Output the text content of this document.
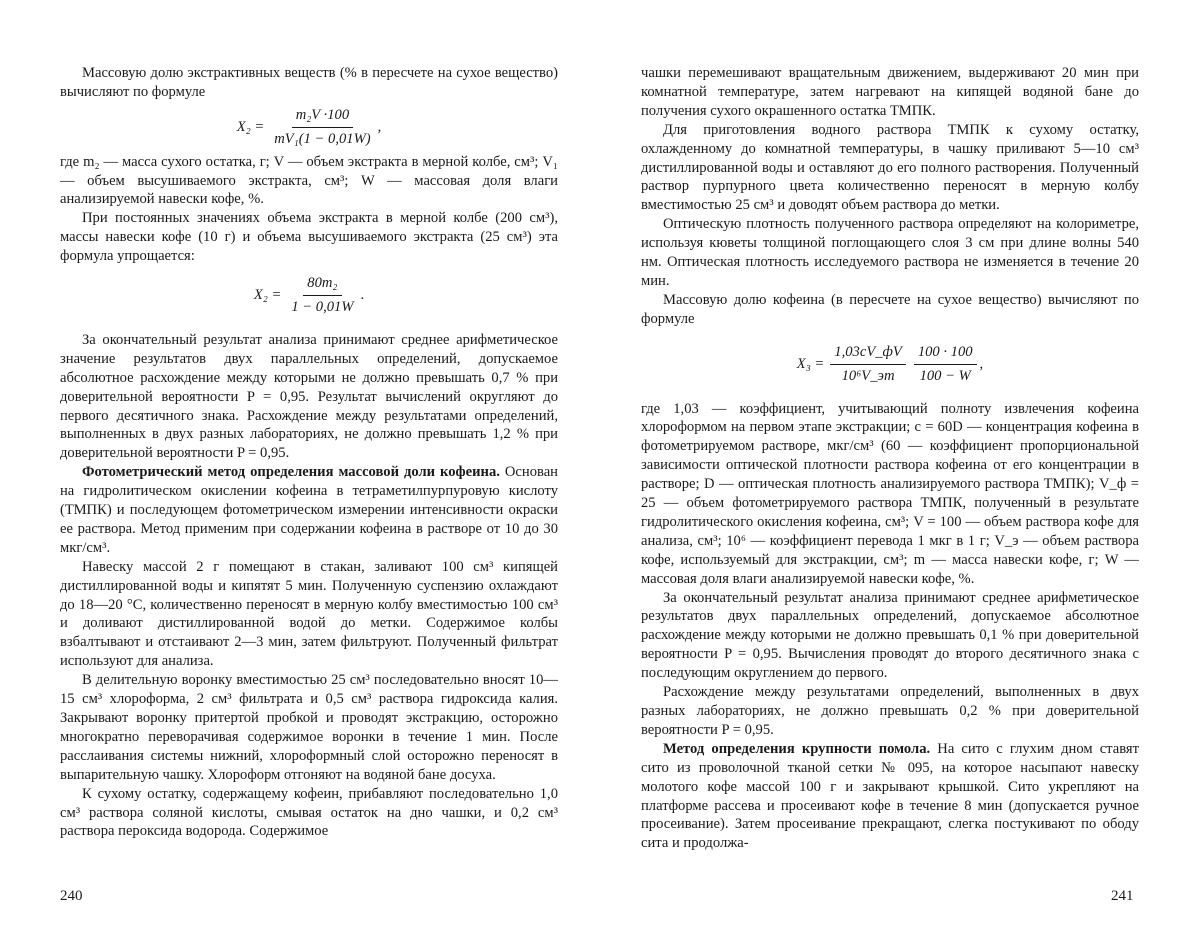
Массовую долю экстрактивных веществ (% в пересчете на сухое вещество) вычисляют по формуле

$X_2 = \frac{\text{m₂V ·100}}{\text{mV₁(1 − 0,01W)}}$ ,

где m₂ — масса сухого остатка, г; V — объем экстракта в мерной колбе, см³; V₁ — объем высушиваемого экстракта, см³; W — массовая доля влаги анализируемой навески кофе, %.

При постоянных значениях объема экстракта в мерной колбе (200 см³), массы навески кофе (10 г) и объема высушиваемого экстракта (25 см³) эта формула упрощается:

$X_2 = \frac{\text{80m₂}}{1 - 0,01W}$ .

За окончательный результат анализа принимают среднее арифметическое значение результатов двух параллельных определений, допускаемое абсолютное расхождение между которыми не должно превышать 0,7 % при доверительной вероятности P = 0,95. Результат вычислений округляют до первого десятичного знака. Расхождение между результатами определений, выполненных в двух разных лабораториях, не должно превышать 1,2 % при доверительной вероятности P = 0,95.

Фотометрический метод определения массовой доли кофеина. Основан на гидролитическом окислении кофеина в тетраметилпурпуровую кислоту (ТМПК) и последующем фотометрическом измерении интенсивности окраски ее раствора. Метод применим при содержании кофеина в растворе от 10 до 30 мкг/см³.

Навеску массой 2 г помещают в стакан, заливают 100 см³ кипящей дистиллированной воды и кипятят 5 мин. Полученную суспензию охлаждают до 18—20 °С, количественно переносят в мерную колбу вместимостью 100 см³ и доливают дистиллированной водой до метки. Содержимое колбы взбалтывают и отстаивают 2—3 мин, затем фильтруют. Полученный фильтрат используют для анализа.

В делительную воронку вместимостью 25 см³ последовательно вносят 10—15 см³ хлороформа, 2 см³ фильтрата и 0,5 см³ раствора гидроксида калия. Закрывают воронку притертой пробкой и проводят экстракцию, осторожно многократно переворачивая содержимое воронки в течение 1 мин. После расслаивания системы нижний, хлороформный слой осторожно переносят в выпарительную чашку. Хлороформ отгоняют на водяной бане досуха.

К сухому остатку, содержащему кофеин, прибавляют последовательно 1,0 см³ раствора соляной кислоты, смывая остаток на дно чашки, и 0,2 см³ раствора пероксида водорода. Содержимое

чашки перемешивают вращательным движением, выдерживают 20 мин при комнатной температуре, затем нагревают на кипящей водяной бане до получения сухого окрашенного остатка ТМПК.

Для приготовления водного раствора ТМПК к сухому остатку, охлажденному до комнатной температуры, в чашку приливают 5—10 см³ дистиллированной воды и оставляют до его полного растворения. Полученный раствор пурпурного цвета количественно переносят в мерную колбу вместимостью 25 см³ и доводят объем раствора до метки.

Оптическую плотность полученного раствора определяют на колориметре, используя кюветы толщиной поглощающего слоя 3 см при длине волны 540 нм. Оптическая плотность исследуемого раствора не изменяется в течение 20 мин.

Массовую долю кофеина (в пересчете на сухое вещество) вычисляют по формуле

$X_3 = \frac{1,03cV\_фV}{\text{10⁶V\_эm}} \frac{100 \cdot 100}{100 - W}$ ,

где 1,03 — коэффициент, учитывающий полноту извлечения кофеина хлороформом на первом этапе экстракции; c = 60D — концентрация кофеина в фотометрируемом растворе, мкг/см³ (60 — коэффициент пропорциональной зависимости оптической плотности раствора кофеина от его концентрации в растворе; D — оптическая плотность анализируемого раствора ТМПК); V_ф = 25 — объем фотометрируемого раствора ТМПК, полученный в результате гидролитического окисления кофеина, см³; V = 100 — объем раствора кофе для анализа, см³; 10⁶ — коэффициент перевода 1 мкг в 1 г; V_э — объем раствора кофе, используемый для экстракции, см³; m — масса навески кофе, г; W — массовая доля влаги анализируемой навески кофе, %.

За окончательный результат анализа принимают среднее арифметическое результатов двух параллельных определений, допускаемое абсолютное расхождение между которыми не должно превышать 0,1 % при доверительной вероятности P = 0,95. Вычисления проводят до второго десятичного знака с последующим округлением до первого.

Расхождение между результатами определений, выполненных в двух разных лабораториях, не должно превышать 0,2 % при доверительной вероятности P = 0,95.

Метод определения крупности помола. На сито с глухим дном ставят сито из проволочной тканой сетки № 095, на которое насыпают навеску молотого кофе массой 100 г и закрывают крышкой. Сито укрепляют на платформе рассева и просеивают кофе в течение 8 мин (допускается ручное просеивание). Затем просеивание прекращают, слегка постукивают по ободу сита и продолжа-

240	241
